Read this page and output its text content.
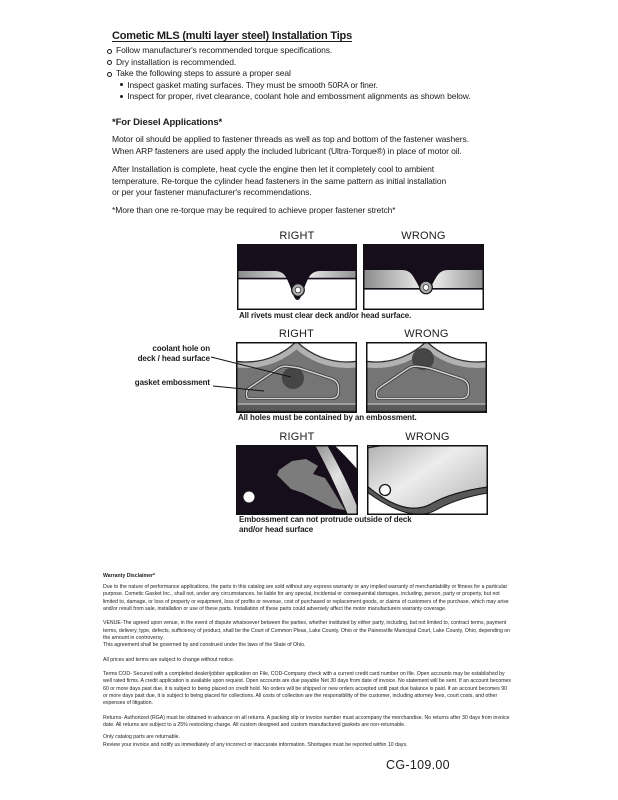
Cometic MLS (multi layer steel) Installation Tips
Follow manufacturer's recommended torque specifications.
Dry installation is recommended.
Take the following steps to assure a proper seal
Inspect gasket mating surfaces. They must be smooth 50RA or finer.
Inspect for proper, rivet clearance, coolant hole and embossment alignments as shown below.
*For Diesel Applications*
Motor oil should be applied to fastener threads as well as top and bottom of the fastener washers.
When ARP fasteners are used apply the included lubricant (Ultra-Torque®) in place of motor oil.
After Installation is complete, heat cycle the engine then let it completely cool to ambient
temperature. Re-torque the cylinder head fasteners in the same pattern as initial installation
or per your fastener manufacturer's recommendations.
*More than one re-torque may be required to achieve proper fastener stretch*
RIGHT	WRONG
All rivets must clear deck and/or head surface.
RIGHT	WRONG
coolant hole on
deck / head surface
gasket embossment
All holes must be contained by an embossment.
RIGHT	WRONG
Embossment can not protrude outside of deck
and/or head surface
Warranty Disclaimer*

Due to the nature of performance applications, the parts in this catalog are sold without any express warranty or any implied warranty of merchantability or fitness for a particular purpose. Cometic Gasket Inc., shall not, under any circumstances, be liable for any special, incidental or consequential damages, including, person, party or property, but not limited to, damage, or loss of property or equipment, loss of profits or revenue, cost of purchased or replacement goods, or claims of customers of the purchase, which may arise and/or result from sale, installation or use of these parts. Installation of these parts could adversely affect the motor manufacturers warranty coverage.

VENUE-The agreed upon venue, in the event of dispute whatsoever between the parties, whether instituted by either party, including, but not limited to, contract terms, payment terms, delivery, type, defects, sufficiency of product, shall be the Court of Common Pleas, Lake County, Ohio or the Painesville Municipal Court, Lake County, Ohio, depending on the amount in controversy.

This agreement shall be governed by and construed under the laws of the State of Ohio.

All prices and terms are subject to change without notice.

Terms COD- Secured with a completed dealer/jobber application on File, COD-Company check with a current credit card number on file. Open accounts may be established by well rated firms. A credit application is available upon request. Open accounts are due payable Net 30 days from date of invoice. No statement will be sent. If an account becomes 60 or more days past due, it is subject to being placed on credit hold. No orders will be shipped or new orders accepted until past due balance is paid. If an account becomes 90 or more days past due, it is subject to being placed for collections. All costs of collection are the responsibility of the customer, including attorney fees, court costs, and other expenses of litigation.

Returns- Authorized (RGA) must be obtained in advance on all returns. A packing slip or invoice number must accompany the merchandise. No returns after 30 days from invoice date. All returns are subject to a 25% restocking charge. All custom designed and custom manufactured gaskets are non-returnable.

Only catalog parts are returnable.

Review your invoice and notify us immediately of any incorrect or inaccurate information. Shortages must be reported within 10 days.

CG-109.00
